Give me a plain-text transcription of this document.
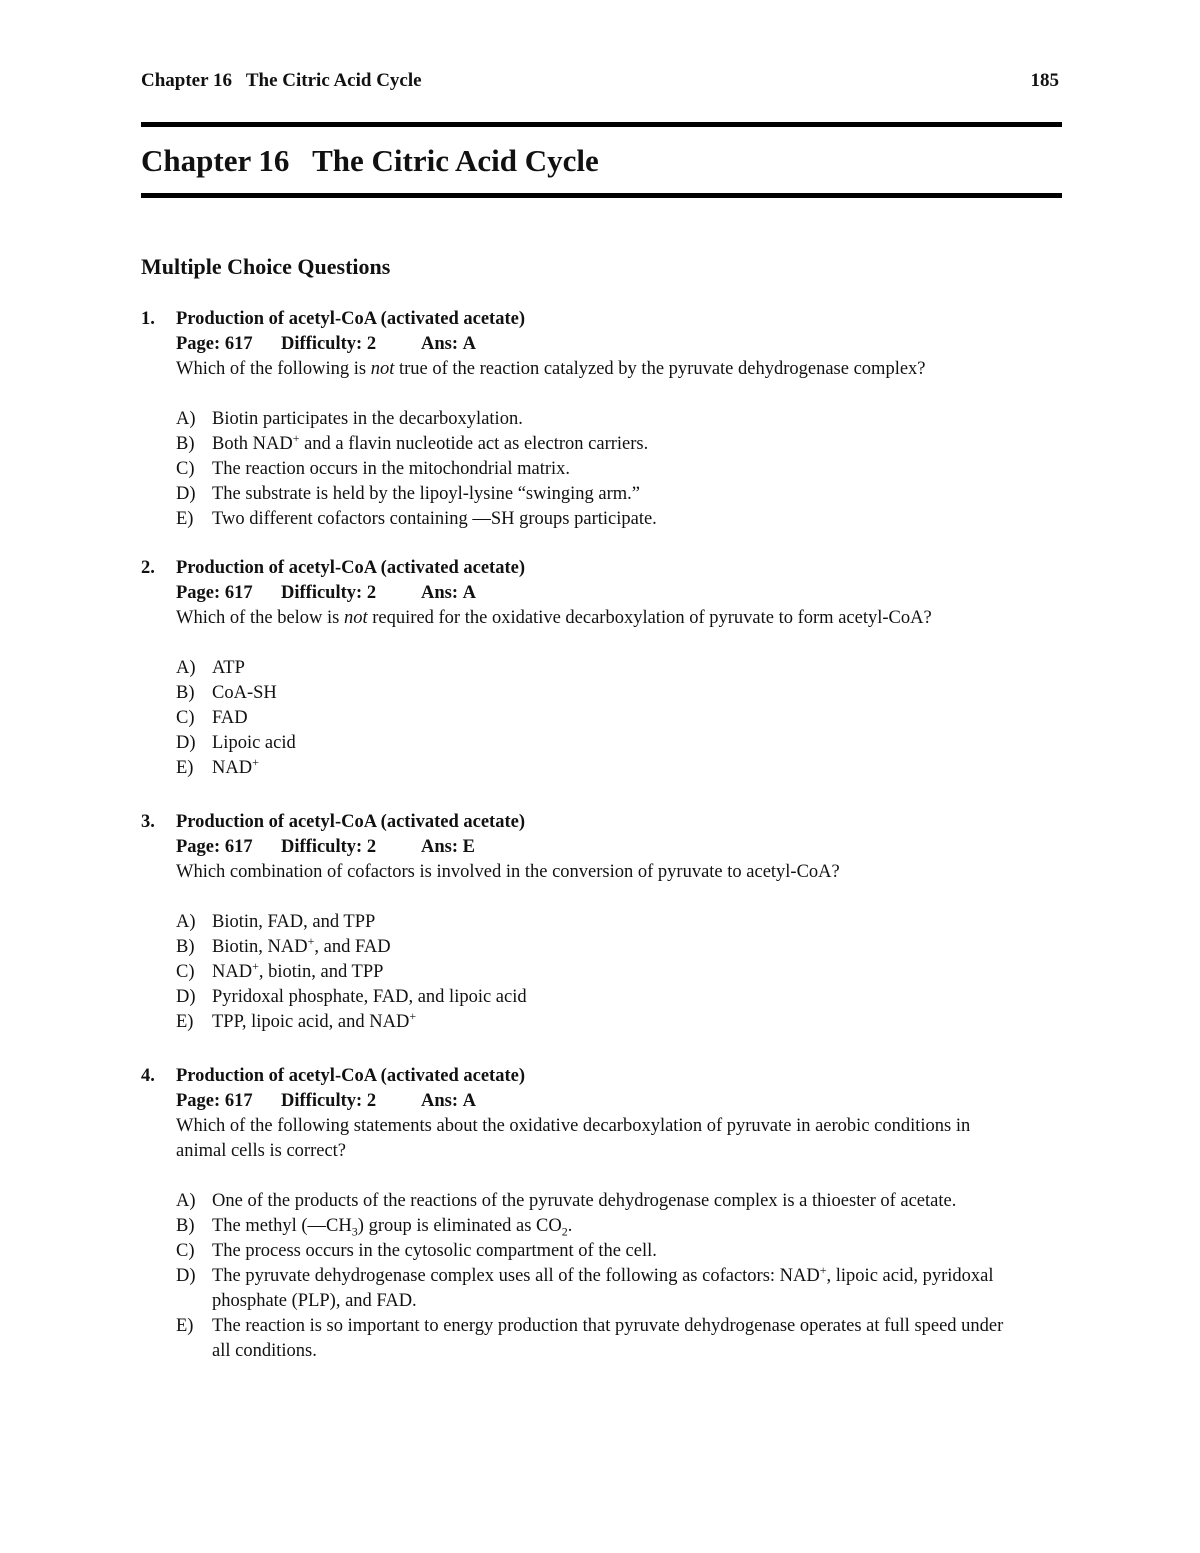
Chapter 16   The Citric Acid Cycle	185
Chapter 16   The Citric Acid Cycle
Multiple Choice Questions
1. Production of acetyl-CoA (activated acetate)
Page: 617 Difficulty: 2 Ans: A
Which of the following is not true of the reaction catalyzed by the pyruvate dehydrogenase complex?
A) Biotin participates in the decarboxylation.
B) Both NAD+ and a flavin nucleotide act as electron carriers.
C) The reaction occurs in the mitochondrial matrix.
D) The substrate is held by the lipoyl-lysine “swinging arm.”
E) Two different cofactors containing —SH groups participate.
2. Production of acetyl-CoA (activated acetate)
Page: 617 Difficulty: 2 Ans: A
Which of the below is not required for the oxidative decarboxylation of pyruvate to form acetyl-CoA?
A) ATP
B) CoA-SH
C) FAD
D) Lipoic acid
E) NAD+
3. Production of acetyl-CoA (activated acetate)
Page: 617 Difficulty: 2 Ans: E
Which combination of cofactors is involved in the conversion of pyruvate to acetyl-CoA?
A) Biotin, FAD, and TPP
B) Biotin, NAD+, and FAD
C) NAD+, biotin, and TPP
D) Pyridoxal phosphate, FAD, and lipoic acid
E) TPP, lipoic acid, and NAD+
4. Production of acetyl-CoA (activated acetate)
Page: 617 Difficulty: 2 Ans: A
Which of the following statements about the oxidative decarboxylation of pyruvate in aerobic conditions in animal cells is correct?
A) One of the products of the reactions of the pyruvate dehydrogenase complex is a thioester of acetate.
B) The methyl $(—CH_3)$ group is eliminated as $CO_2$.
C) The process occurs in the cytosolic compartment of the cell.
D) The pyruvate dehydrogenase complex uses all of the following as cofactors: NAD+, lipoic acid, pyridoxal phosphate (PLP), and FAD.
E) The reaction is so important to energy production that pyruvate dehydrogenase operates at full speed under all conditions.
